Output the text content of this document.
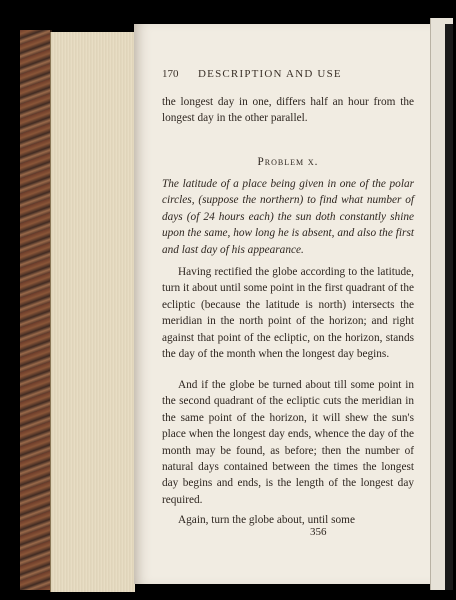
170 DESCRIPTION AND USE
the longest day in one, differs half an hour from the longest day in the other parallel.
Problem x.
The latitude of a place being given in one of the polar circles, (suppose the northern) to find what number of days (of 24 hours each) the sun doth constantly shine upon the same, how long he is absent, and also the first and last day of his appearance.
Having rectified the globe according to the latitude, turn it about until some point in the first quadrant of the ecliptic (because the latitude is north) intersects the meridian in the north point of the horizon; and right against that point of the ecliptic, on the horizon, stands the day of the month when the longest day begins.
And if the globe be turned about till some point in the second quadrant of the ecliptic cuts the meridian in the same point of the horizon, it will shew the sun's place when the longest day ends, whence the day of the month may be found, as before; then the number of natural days contained between the times the longest day begins and ends, is the length of the longest day required.
Again, turn the globe about, until some
356
